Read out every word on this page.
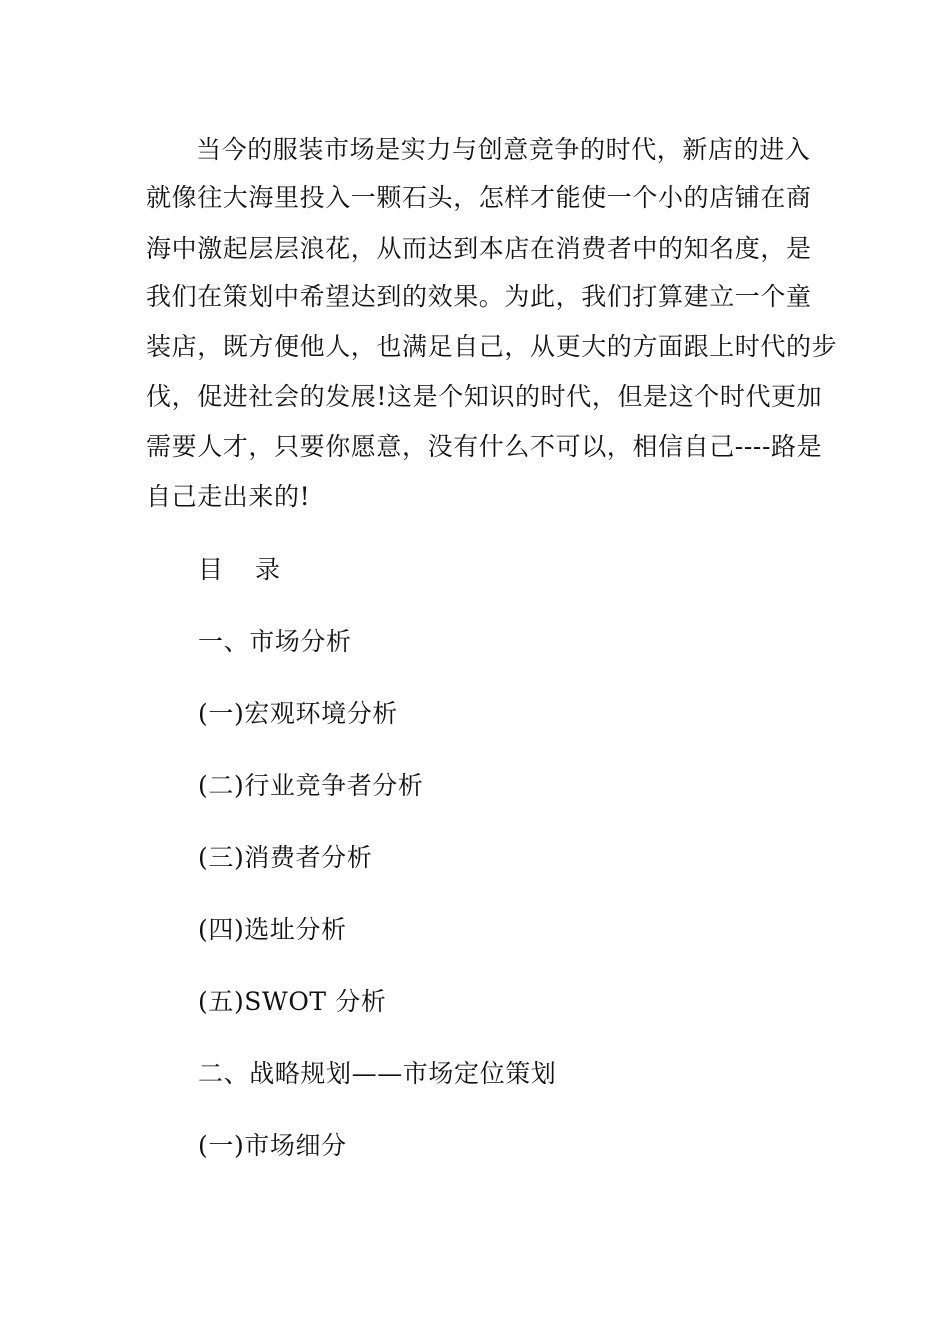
当今的服装市场是实力与创意竞争的时代，新店的进入
就像往大海里投入一颗石头，怎样才能使一个小的店铺在商
海中激起层层浪花，从而达到本店在消费者中的知名度，是
我们在策划中希望达到的效果。为此，我们打算建立一个童
装店，既方便他人，也满足自己，从更大的方面跟上时代的步
伐，促进社会的发展!这是个知识的时代，但是这个时代更加
需要人才，只要你愿意，没有什么不可以，相信自己----路是
自己走出来的!
目 录
一、市场分析
(一)宏观环境分析
(二)行业竞争者分析
(三)消费者分析
(四)选址分析
(五)SWOT 分析
二、战略规划——市场定位策划
(一)市场细分
